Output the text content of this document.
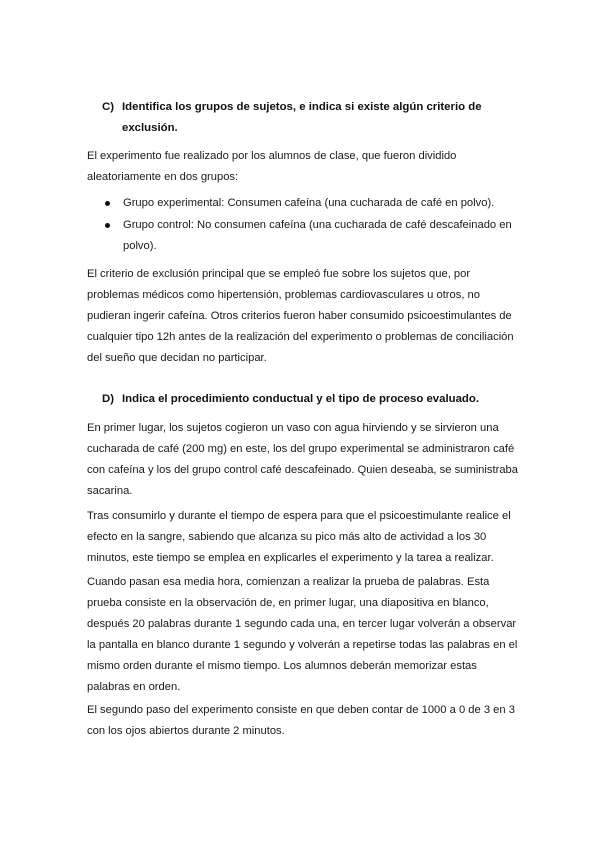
C) Identifica los grupos de sujetos, e indica si existe algún criterio de
exclusión.

El experimento fue realizado por los alumnos de clase, que fueron dividido aleatoriamente en dos grupos:

Grupo experimental: Consumen cafeína (una cucharada de café en polvo).
Grupo control: No consumen cafeína (una cucharada de café descafeinado en polvo).

El criterio de exclusión principal que se empleó fue sobre los sujetos que, por problemas médicos como hipertensión, problemas cardiovasculares u otros, no pudieran ingerir cafeína. Otros criterios fueron haber consumido psicoestimulantes de cualquier tipo 12h antes de la realización del experimento o problemas de conciliación del sueño que decidan no participar.

D) Indica el procedimiento conductual y el tipo de proceso evaluado.

En primer lugar, los sujetos cogieron un vaso con agua hirviendo y se sirvieron una cucharada de café (200 mg) en este, los del grupo experimental se administraron café con cafeína y los del grupo control café descafeinado. Quien deseaba, se suministraba sacarina.

Tras consumirlo y durante el tiempo de espera para que el psicoestimulante realice el efecto en la sangre, sabiendo que alcanza su pico más alto de actividad a los 30 minutos, este tiempo se emplea en explicarles el experimento y la tarea a realizar.

Cuando pasan esa media hora, comienzan a realizar la prueba de palabras. Esta prueba consiste en la observación de, en primer lugar, una diapositiva en blanco, después 20 palabras durante 1 segundo cada una, en tercer lugar volverán a observar la pantalla en blanco durante 1 segundo y volverán a repetirse todas las palabras en el mismo orden durante el mismo tiempo. Los alumnos deberán memorizar estas palabras en orden.

El segundo paso del experimento consiste en que deben contar de 1000 a 0 de 3 en 3 con los ojos abiertos durante 2 minutos.
